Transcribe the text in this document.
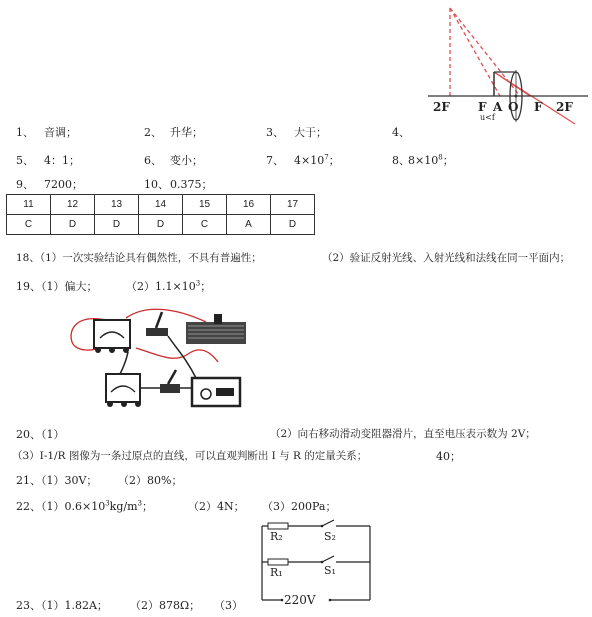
2F F A O F 2F
u<f
1、 音调；	2、 升华；	3、 大于；	4、
5、 4：1；	6、 变小；	7、 $4\times 10^7$；	8、
$8\times 10^8$；
9、 7200；	10、 0.375；
11	12	13	14	15	16	17
C	D	D	D	C	A	D
18、（1）一次实验结论具有偶然性，不具有普遍性；	（2）验证反射光线、入射光线和法线在同一平面内；
19、（1）偏大；	$(2)1.1\times 10^3$；
20、（1）	（2）向右移动滑动变阻器滑片，直至电压表示数为 2V；
（3）I-1/R 图像为一条过原点的直线，可以直观判断出 I 与 R 的定量关系；	40；
21、（1）30V； （2）80%；
22、$(1)0.6\times 10^3kg/m^3$；	（2）4N； （3）200Pa；
R₂	S₂
R₁	S₁
220V
23、（1）1.82A； （2）878Ω； （3）
